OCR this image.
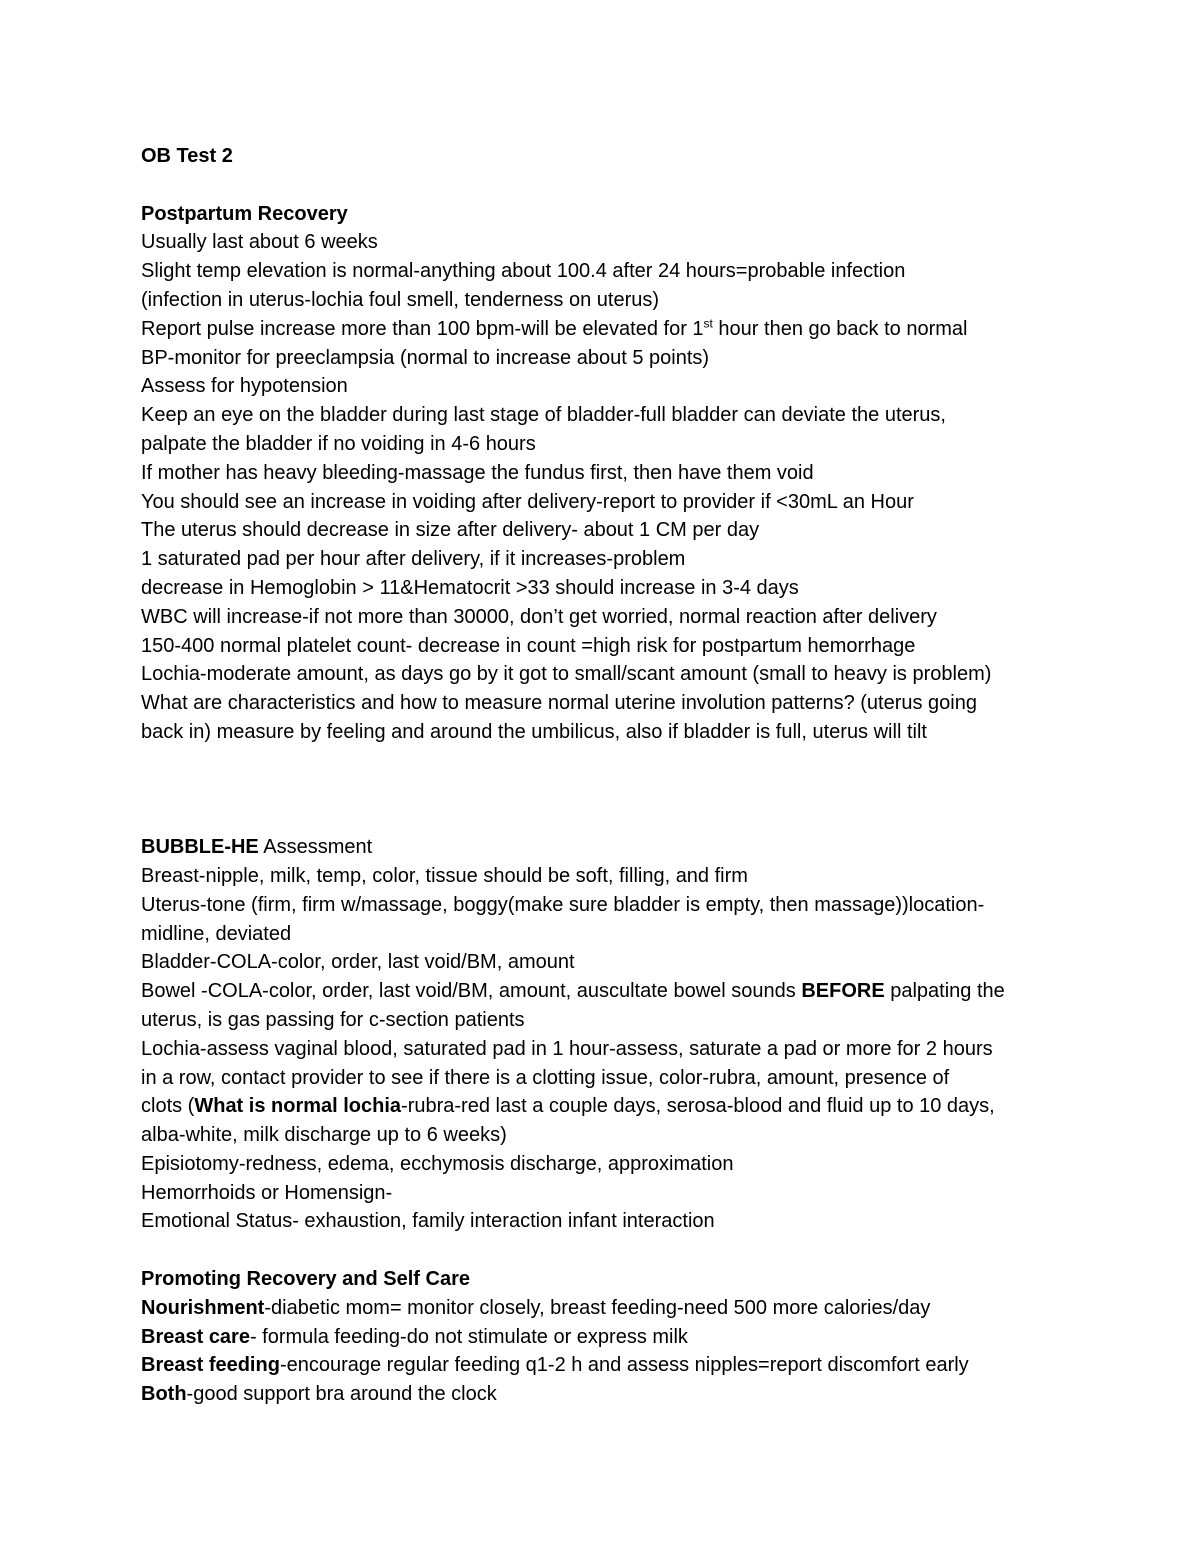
OB Test 2

Postpartum Recovery

Usually last about 6 weeks

Slight temp elevation is normal-anything about 100.4 after 24 hours=probable infection

(infection in uterus-lochia foul smell, tenderness on uterus)

Report pulse increase more than 100 bpm-will be elevated for 1st hour then go back to normal

BP-monitor for preeclampsia (normal to increase about 5 points)

Assess for hypotension

Keep an eye on the bladder during last stage of bladder-full bladder can deviate the uterus,

palpate the bladder if no voiding in 4-6 hours

If mother has heavy bleeding-massage the fundus first, then have them void

You should see an increase in voiding after delivery-report to provider if <30mL an Hour

The uterus should decrease in size after delivery- about 1 CM per day

1 saturated pad per hour after delivery, if it increases-problem

decrease in Hemoglobin > 11&Hematocrit >33 should increase in 3-4 days

WBC will increase-if not more than 30000, don’t get worried, normal reaction after delivery

150-400 normal platelet count- decrease in count =high risk for postpartum hemorrhage

Lochia-moderate amount, as days go by it got to small/scant amount (small to heavy is problem)

What are characteristics and how to measure normal uterine involution patterns? (uterus going

back in) measure by feeling and around the umbilicus, also if bladder is full, uterus will tilt

BUBBLE-HE Assessment

Breast-nipple, milk, temp, color, tissue should be soft, filling, and firm

Uterus-tone (firm, firm w/massage, boggy(make sure bladder is empty, then massage))location-

midline, deviated

Bladder-COLA-color, order, last void/BM, amount

Bowel -COLA-color, order, last void/BM, amount, auscultate bowel sounds BEFORE palpating the

uterus, is gas passing for c-section patients

Lochia-assess vaginal blood, saturated pad in 1 hour-assess, saturate a pad or more for 2 hours

in a row, contact provider to see if there is a clotting issue, color-rubra, amount, presence of

clots (What is normal lochia-rubra-red last a couple days, serosa-blood and fluid up to 10 days,

alba-white, milk discharge up to 6 weeks)

Episiotomy-redness, edema, ecchymosis discharge, approximation

Hemorrhoids or Homensign-

Emotional Status- exhaustion, family interaction infant interaction

Promoting Recovery and Self Care

Nourishment-diabetic mom= monitor closely, breast feeding-need 500 more calories/day

Breast care- formula feeding-do not stimulate or express milk

Breast feeding-encourage regular feeding q1-2 h and assess nipples=report discomfort early

Both-good support bra around the clock
